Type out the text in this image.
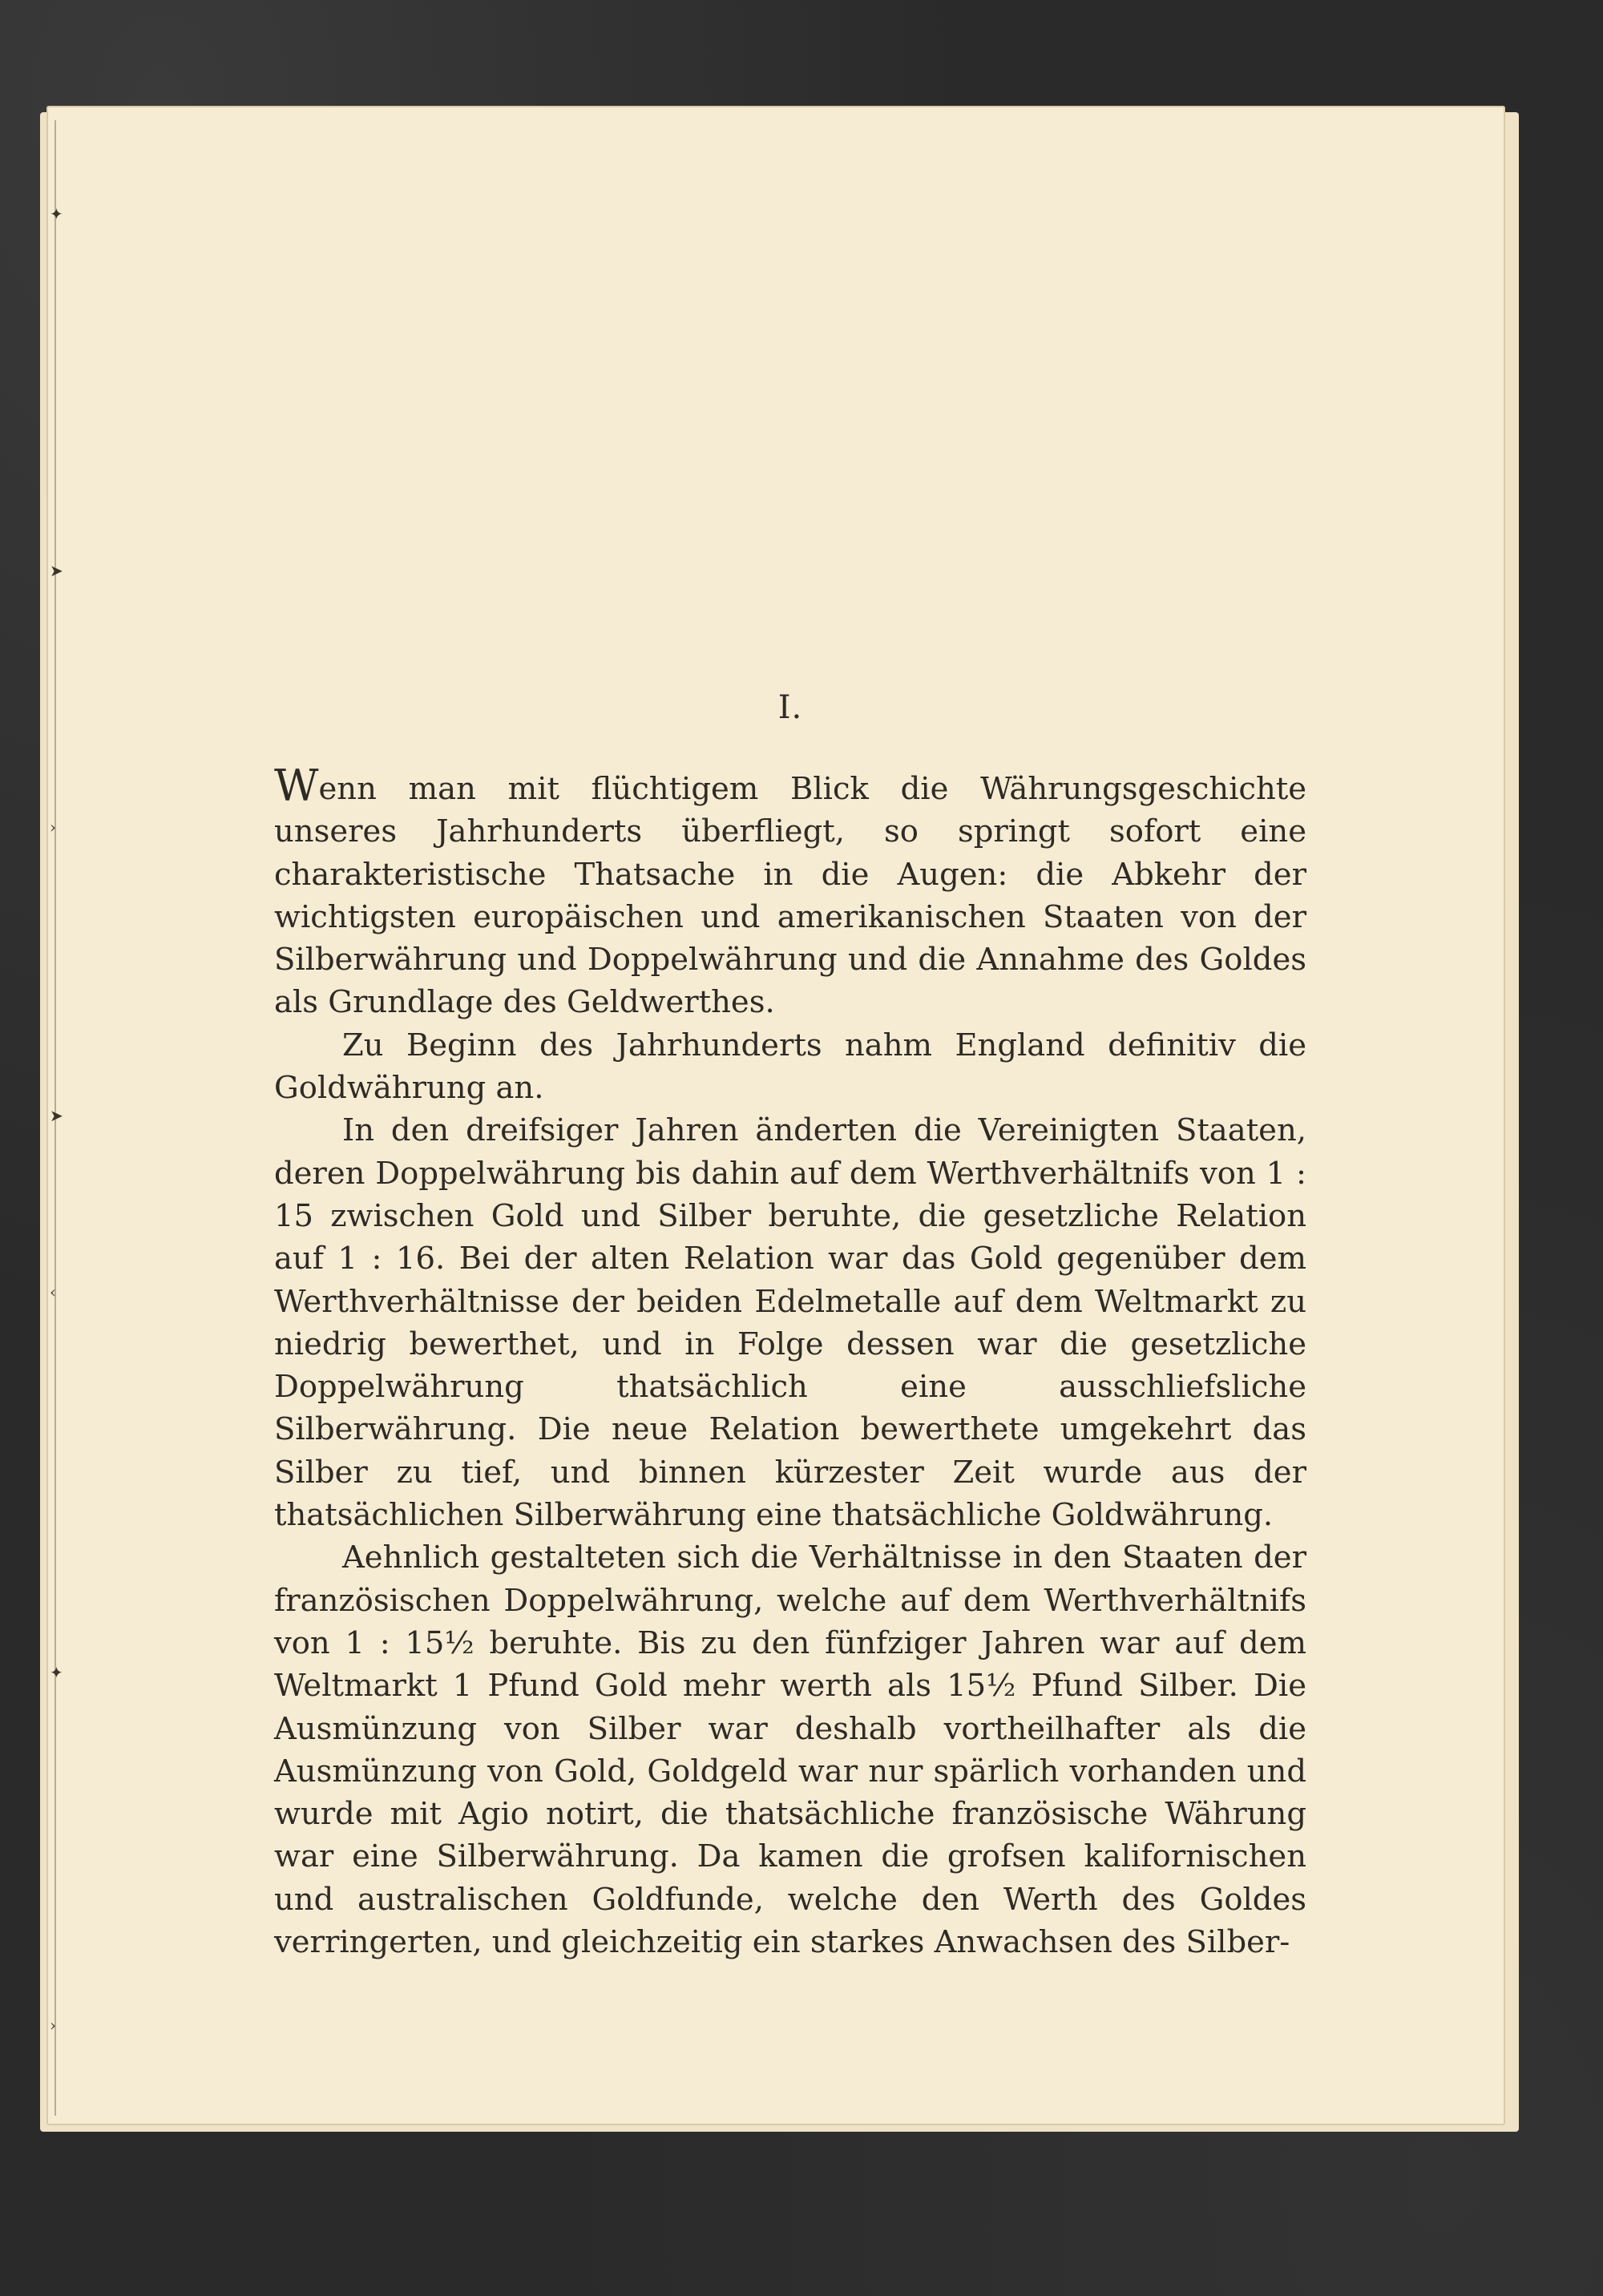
✦
➤
›
➤
‹
✦
›
I.

Wenn man mit flüchtigem Blick die Währungsgeschichte unseres Jahrhunderts überfliegt, so springt sofort eine charakteristische Thatsache in die Augen: die Abkehr der wichtigsten europäischen und amerikanischen Staaten von der Silberwährung und Doppelwährung und die Annahme des Goldes als Grundlage des Geldwerthes.

Zu Beginn des Jahrhunderts nahm England definitiv die Goldwährung an.

In den dreifsiger Jahren änderten die Vereinigten Staaten, deren Doppelwährung bis dahin auf dem Werthverhältnifs von 1 : 15 zwischen Gold und Silber beruhte, die gesetzliche Relation auf 1 : 16. Bei der alten Relation war das Gold gegenüber dem Werthverhältnisse der beiden Edelmetalle auf dem Weltmarkt zu niedrig bewerthet, und in Folge dessen war die gesetzliche Doppelwährung thatsächlich eine ausschliefsliche Silberwährung. Die neue Relation bewerthete umgekehrt das Silber zu tief, und binnen kürzester Zeit wurde aus der thatsächlichen Silberwährung eine thatsächliche Goldwährung.

Aehnlich gestalteten sich die Verhältnisse in den Staaten der französischen Doppelwährung, welche auf dem Werthverhältnifs von 1 : 15½ beruhte. Bis zu den fünfziger Jahren war auf dem Weltmarkt 1 Pfund Gold mehr werth als 15½ Pfund Silber. Die Ausmünzung von Silber war deshalb vortheilhafter als die Ausmünzung von Gold, Goldgeld war nur spärlich vorhanden und wurde mit Agio notirt, die thatsächliche französische Währung war eine Silberwährung. Da kamen die grofsen kalifornischen und australischen Goldfunde, welche den Werth des Goldes verringerten, und gleichzeitig ein starkes Anwachsen des Silber-
